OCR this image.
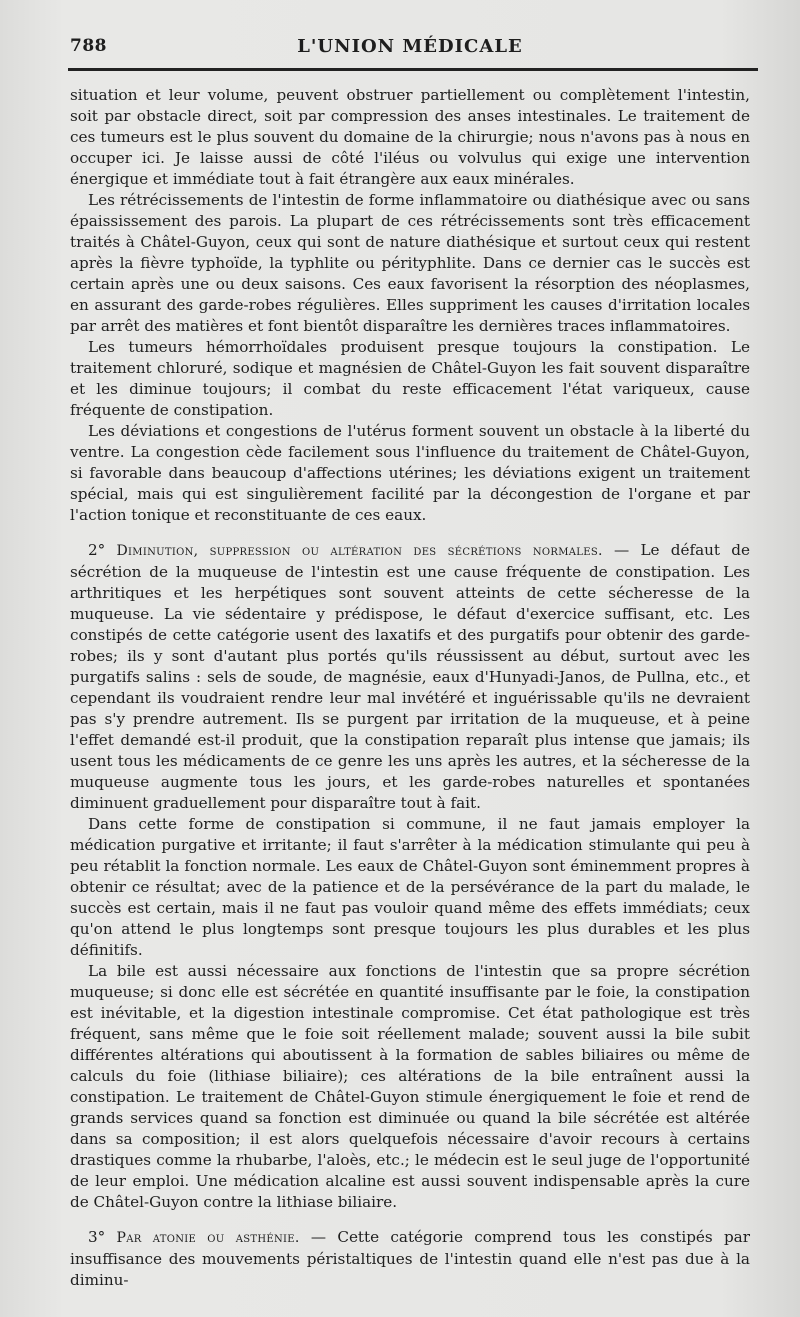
788	L'UNION MÉDICALE

situation et leur volume, peuvent obstruer partiellement ou complètement l'intestin, soit par obstacle direct, soit par compression des anses intestinales. Le traitement de ces tumeurs est le plus souvent du domaine de la chirurgie; nous n'avons pas à nous en occuper ici. Je laisse aussi de côté l'iléus ou volvulus qui exige une intervention énergique et immédiate tout à fait étrangère aux eaux minérales.

Les rétrécissements de l'intestin de forme inflammatoire ou diathésique avec ou sans épaississement des parois. La plupart de ces rétrécissements sont très efficacement traités à Châtel-Guyon, ceux qui sont de nature diathésique et surtout ceux qui restent après la fièvre typhoïde, la typhlite ou pérityphlite. Dans ce dernier cas le succès est certain après une ou deux saisons. Ces eaux favorisent la résorption des néoplasmes, en assurant des garde-robes régulières. Elles suppriment les causes d'irritation locales par arrêt des matières et font bientôt disparaître les dernières traces inflammatoires.

Les tumeurs hémorrhoïdales produisent presque toujours la constipation. Le traitement chloruré, sodique et magnésien de Châtel-Guyon les fait souvent disparaître et les diminue toujours; il combat du reste efficacement l'état variqueux, cause fréquente de constipation.

Les déviations et congestions de l'utérus forment souvent un obstacle à la liberté du ventre. La congestion cède facilement sous l'influence du traitement de Châtel-Guyon, si favorable dans beaucoup d'affections utérines; les déviations exigent un traitement spécial, mais qui est singulièrement facilité par la décongestion de l'organe et par l'action tonique et reconstituante de ces eaux.

2° Diminution, suppression ou altération des sécrétions normales. — Le défaut de sécrétion de la muqueuse de l'intestin est une cause fréquente de constipation. Les arthritiques et les herpétiques sont souvent atteints de cette sécheresse de la muqueuse. La vie sédentaire y prédispose, le défaut d'exercice suffisant, etc. Les constipés de cette catégorie usent des laxatifs et des purgatifs pour obtenir des garde-robes; ils y sont d'autant plus portés qu'ils réussissent au début, surtout avec les purgatifs salins : sels de soude, de magnésie, eaux d'Hunyadi-Janos, de Pullna, etc., et cependant ils voudraient rendre leur mal invétéré et inguérissable qu'ils ne devraient pas s'y prendre autrement. Ils se purgent par irritation de la muqueuse, et à peine l'effet demandé est-il produit, que la constipation reparaît plus intense que jamais; ils usent tous les médicaments de ce genre les uns après les autres, et la sécheresse de la muqueuse augmente tous les jours, et les garde-robes naturelles et spontanées diminuent graduellement pour disparaître tout à fait.

Dans cette forme de constipation si commune, il ne faut jamais employer la médication purgative et irritante; il faut s'arrêter à la médication stimulante qui peu à peu rétablit la fonction normale. Les eaux de Châtel-Guyon sont éminemment propres à obtenir ce résultat; avec de la patience et de la persévérance de la part du malade, le succès est certain, mais il ne faut pas vouloir quand même des effets immédiats; ceux qu'on attend le plus longtemps sont presque toujours les plus durables et les plus définitifs.

La bile est aussi nécessaire aux fonctions de l'intestin que sa propre sécrétion muqueuse; si donc elle est sécrétée en quantité insuffisante par le foie, la constipation est inévitable, et la digestion intestinale compromise. Cet état pathologique est très fréquent, sans même que le foie soit réellement malade; souvent aussi la bile subit différentes altérations qui aboutissent à la formation de sables biliaires ou même de calculs du foie (lithiase biliaire); ces altérations de la bile entraînent aussi la constipation. Le traitement de Châtel-Guyon stimule énergiquement le foie et rend de grands services quand sa fonction est diminuée ou quand la bile sécrétée est altérée dans sa composition; il est alors quelquefois nécessaire d'avoir recours à certains drastiques comme la rhubarbe, l'aloès, etc.; le médecin est le seul juge de l'opportunité de leur emploi. Une médication alcaline est aussi souvent indispensable après la cure de Châtel-Guyon contre la lithiase biliaire.

3° Par atonie ou asthénie. — Cette catégorie comprend tous les constipés par insuffisance des mouvements péristaltiques de l'intestin quand elle n'est pas due à la diminu-
